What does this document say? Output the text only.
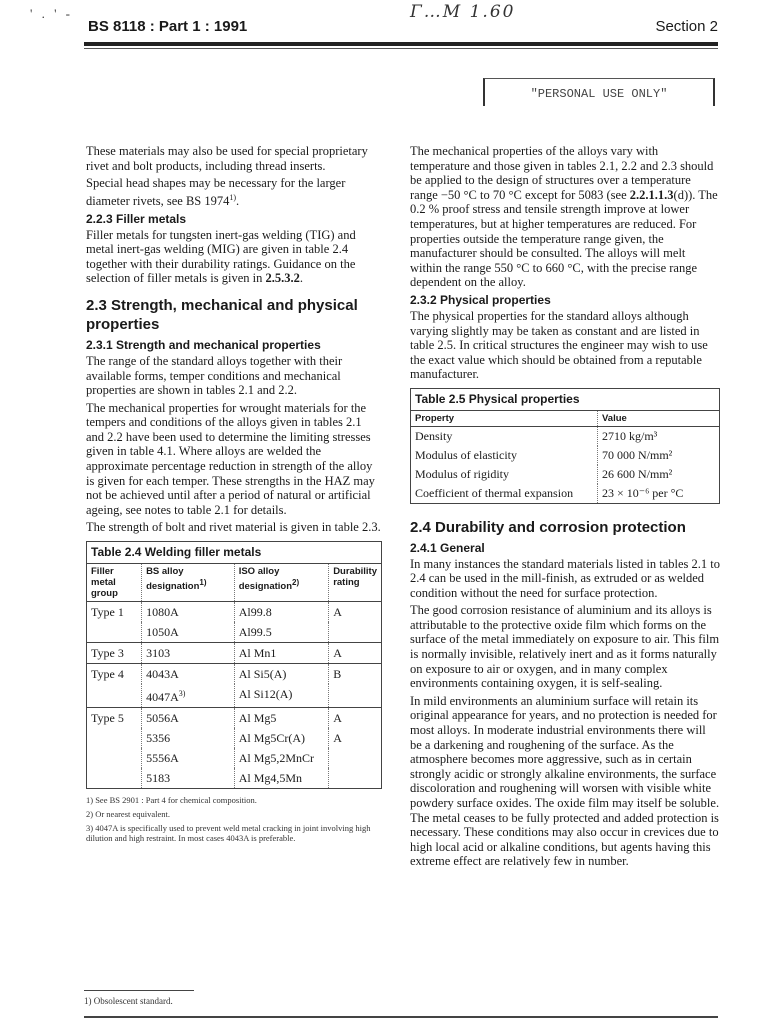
' . ' -	Γ…M 1.60
BS 8118 : Part 1 : 1991	Section 2
"PERSONAL USE ONLY"

These materials may also be used for special proprietary rivet and bolt products, including thread inserts.

Special head shapes may be necessary for the larger diameter rivets, see BS 1974$^{1)}$.

2.2.3 Filler metals

Filler metals for tungsten inert-gas welding (TIG) and metal inert-gas welding (MIG) are given in table 2.4 together with their durability ratings. Guidance on the selection of filler metals is given in 2.5.3.2.

2.3 Strength, mechanical and physical properties
2.3.1 Strength and mechanical properties

The range of the standard alloys together with their available forms, temper conditions and mechanical properties are shown in tables 2.1 and 2.2.

The mechanical properties for wrought materials for the tempers and conditions of the alloys given in tables 2.1 and 2.2 have been used to determine the limiting stresses given in table 4.1. Where alloys are welded the approximate percentage reduction in strength of the alloy is given for each temper. These strengths in the HAZ may not be achieved until after a period of natural or artificial ageing, see notes to table 2.1 for details.

The strength of bolt and rivet material is given in table 2.3.

Table 2.4 Welding filler metals
Filler metal group	BS alloy designation$^{1)}$	ISO alloy designation$^{2)}$	Durability rating
Type 1	1080A	Al99.8	A
	1050A	Al99.5	
Type 3	3103	Al Mn1	A
Type 4	4043A	Al Si5(A)	B
	$4047A^{3)}$	Al Si12(A)	
Type 5	5056A	Al Mg5	A
	5356	Al Mg5Cr(A)	A
	5556A	Al Mg5,2MnCr	
	5183	Al Mg4,5Mn	
1) See BS 2901 : Part 4 for chemical composition.
2) Or nearest equivalent.
3) 4047A is specifically used to prevent weld metal cracking in joint involving high dilution and high restraint. In most cases 4043A is preferable.

The mechanical properties of the alloys vary with temperature and those given in tables 2.1, 2.2 and 2.3 should be applied to the design of structures over a temperature range −50 °C to 70 °C except for 5083 (see 2.2.1.1.3(d)). The 0.2 % proof stress and tensile strength improve at lower temperatures, but at higher temperatures are reduced. For properties outside the temperature range given, the manufacturer should be consulted. The alloys will melt within the range 550 °C to 660 °C, with the precise range dependent on the alloy.

2.3.2 Physical properties

The physical properties for the standard alloys although varying slightly may be taken as constant and are listed in table 2.5. In critical structures the engineer may wish to use the exact value which should be obtained from a reputable manufacturer.

Table 2.5 Physical properties
Property	Value
Density	2710 kg/m³
Modulus of elasticity	70 000 N/mm²
Modulus of rigidity	26 600 N/mm²
Coefficient of thermal expansion	23 × 10⁻⁶ per °C
2.4 Durability and corrosion protection
2.4.1 General

In many instances the standard materials listed in tables 2.1 to 2.4 can be used in the mill-finish, as extruded or as welded condition without the need for surface protection.

The good corrosion resistance of aluminium and its alloys is attributable to the protective oxide film which forms on the surface of the metal immediately on exposure to air. This film is normally invisible, relatively inert and as it forms naturally on exposure to air or oxygen, and in many complex environments containing oxygen, it is self-sealing.

In mild environments an aluminium surface will retain its original appearance for years, and no protection is needed for most alloys. In moderate industrial environments there will be a darkening and roughening of the surface. As the atmosphere becomes more aggressive, such as in certain strongly acidic or strongly alkaline environments, the surface discoloration and roughening will worsen with visible white powdery surface oxides. The oxide film may itself be soluble. The metal ceases to be fully protected and added protection is necessary. These conditions may also occur in crevices due to high local acid or alkaline conditions, but agents having this extreme effect are relatively few in number.

1) Obsolescent standard.
